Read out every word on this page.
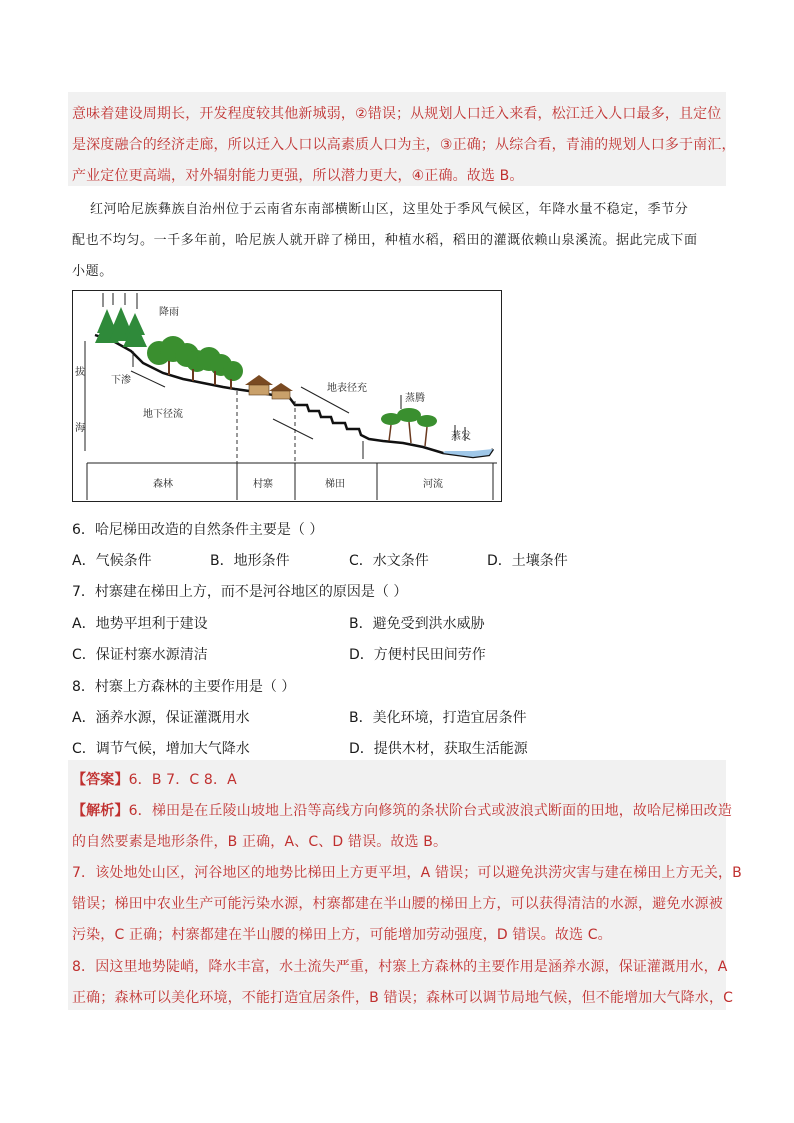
意味着建设周期长，开发程度较其他新城弱，②错误；从规划人口迁入来看，松江迁入人口最多，且定位
是深度融合的经济走廊，所以迁入人口以高素质人口为主，③正确；从综合看，青浦的规划人口多于南汇，
产业定位更高端，对外辐射能力更强，所以潜力更大，④正确。故选 B。
红河哈尼族彝族自治州位于云南省东南部横断山区，这里处于季风气候区，年降水量不稳定，季节分
配也不均匀。一千多年前，哈尼族人就开辟了梯田，种植水稻，稻田的灌溉依赖山泉溪流。据此完成下面
小题。
降雨
下渗
地下径流
地表径充
蒸腾
蒸发
拔
海
森林	村寨	梯田	河流
6．哈尼梯田改造的自然条件主要是（ ）
A．气候条件	B．地形条件	C．水文条件	D．土壤条件
7．村寨建在梯田上方，而不是河谷地区的原因是（ ）
A．地势平坦利于建设	B．避免受到洪水威胁
C．保证村寨水源清洁	D．方便村民田间劳作
8．村寨上方森林的主要作用是（ ）
A．涵养水源，保证灌溉用水	B．美化环境，打造宜居条件
C．调节气候，增加大气降水	D．提供木材，获取生活能源
【答案】6．B 7．C 8．A
【解析】6．梯田是在丘陵山坡地上沿等高线方向修筑的条状阶台式或波浪式断面的田地，故哈尼梯田改造
的自然要素是地形条件，B 正确，A、C、D 错误。故选 B。
7．该处地处山区，河谷地区的地势比梯田上方更平坦，A 错误；可以避免洪涝灾害与建在梯田上方无关，B
错误；梯田中农业生产可能污染水源，村寨都建在半山腰的梯田上方，可以获得清洁的水源，避免水源被
污染，C 正确；村寨都建在半山腰的梯田上方，可能增加劳动强度，D 错误。故选 C。
8．因这里地势陡峭，降水丰富，水土流失严重，村寨上方森林的主要作用是涵养水源，保证灌溉用水，A
正确；森林可以美化环境，不能打造宜居条件，B 错误；森林可以调节局地气候，但不能增加大气降水，C
